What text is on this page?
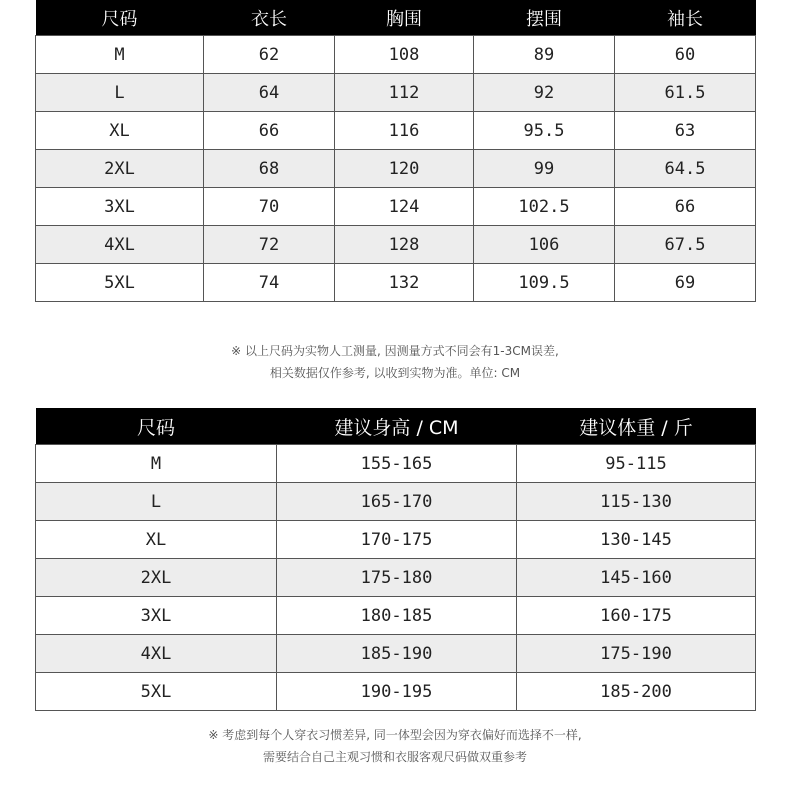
尺码	衣长	胸围	摆围	袖长
M	62	108	89	60
L	64	112	92	61.5
XL	66	116	95.5	63
2XL	68	120	99	64.5
3XL	70	124	102.5	66
4XL	72	128	106	67.5
5XL	74	132	109.5	69
※ 以上尺码为实物人工测量, 因测量方式不同会有1-3CM误差,
相关数据仅作参考, 以收到实物为准。单位: CM
尺码	建议身高 / CM	建议体重 / 斤
M	155-165	95-115
L	165-170	115-130
XL	170-175	130-145
2XL	175-180	145-160
3XL	180-185	160-175
4XL	185-190	175-190
5XL	190-195	185-200
※ 考虑到每个人穿衣习惯差异, 同一体型会因为穿衣偏好而选择不一样,
需要结合自己主观习惯和衣服客观尺码做双重参考
